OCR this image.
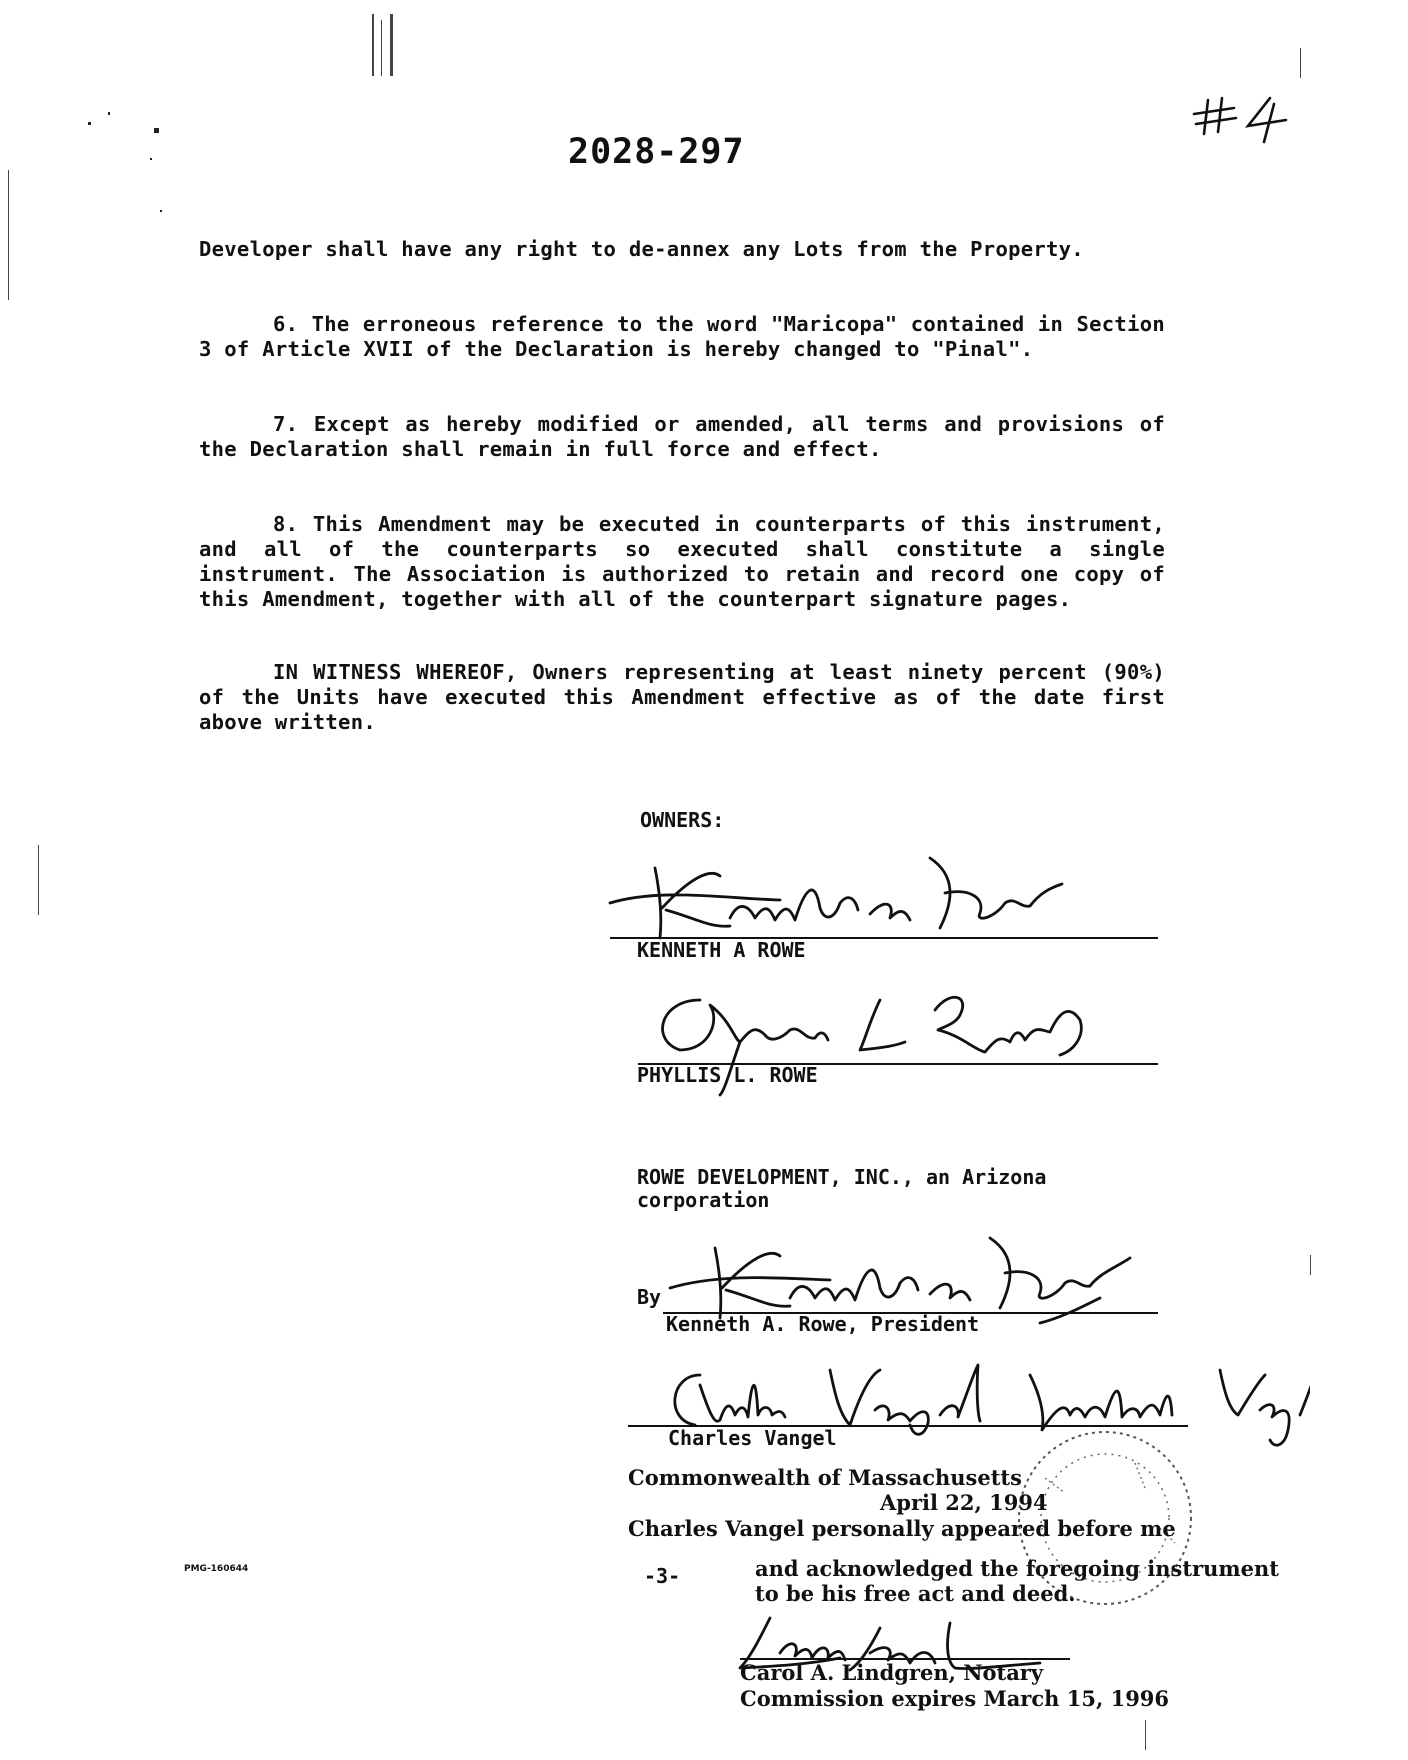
2028-297
Developer shall have any right to de-annex any Lots from the Property.
6. The erroneous reference to the word "Maricopa" contained in Section 3 of Article XVII of the Declaration is hereby changed to "Pinal".
7. Except as hereby modified or amended, all terms and provisions of the Declaration shall remain in full force and effect.
8. This Amendment may be executed in counterparts of this instrument, and all of the counterparts so executed shall constitute a single instrument. The Association is authorized to retain and record one copy of this Amendment, together with all of the counterpart signature pages.
IN WITNESS WHEREOF, Owners representing at least ninety percent (90%) of the Units have executed this Amendment effective as of the date first above written.
OWNERS:
KENNETH A ROWE
PHYLLIS L. ROWE
ROWE DEVELOPMENT, INC., an Arizona
corporation
By
Kenneth A. Rowe, President
Charles Vangel
Commonwealth of Massachusetts
April 22, 1994
Charles Vangel personally appeared before me
and acknowledged the foregoing instrument
to be his free act and deed.
Carol A. Lindgren, Notary
Commission expires March 15, 1996
PMG-160644	-3-
